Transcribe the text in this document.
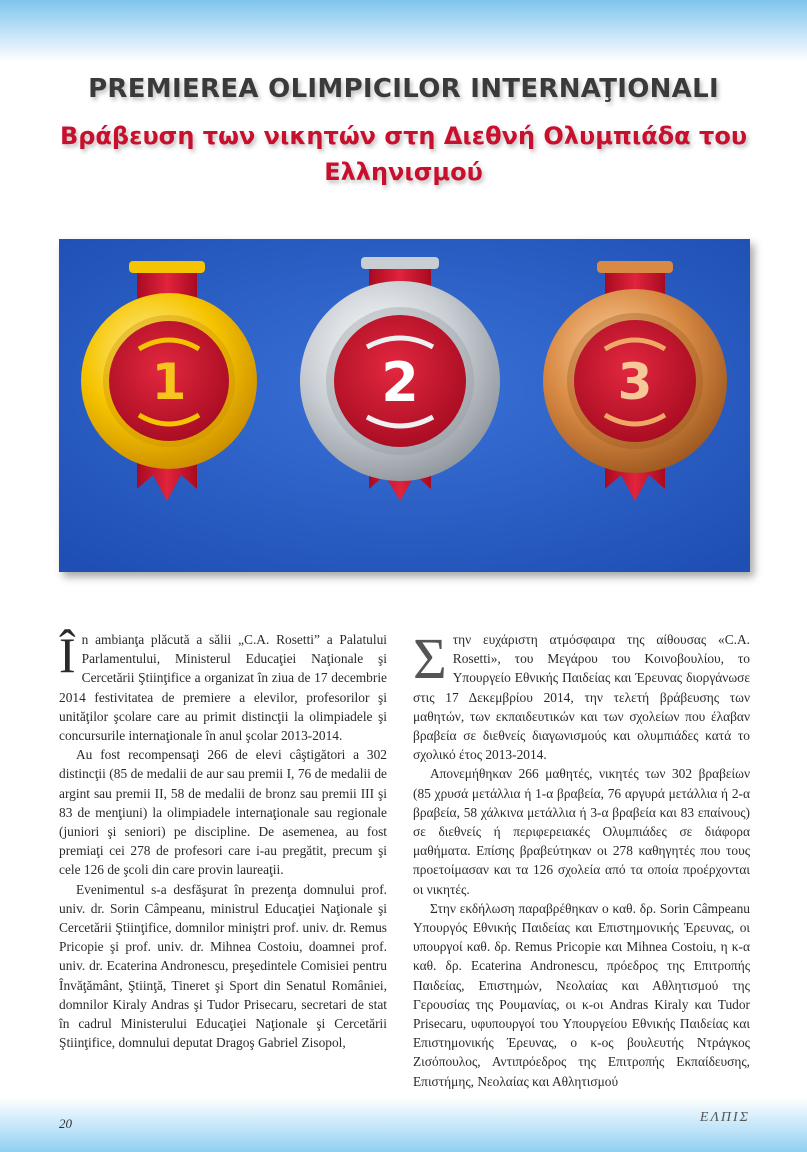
PREMIEREA OLIMPICILOR INTERNAŢIONALI
Βράβευση των νικητών στη Διεθνή Ολυμπιάδα του Ελληνισμού
1	2	3

În ambianţa plăcută a sălii „C.A. Rosetti” a Palatului Parlamentului, Ministerul Educaţiei Naţionale şi Cercetării Ştiinţifice a organizat în ziua de 17 decembrie 2014 festivitatea de premiere a elevilor, profesorilor şi unităţilor şcolare care au primit distincţii la olimpiadele şi concursurile internaţionale în anul şcolar 2013-2014.

Au fost recompensaţi 266 de elevi câştigători a 302 distincţii (85 de medalii de aur sau premii I, 76 de medalii de argint sau premii II, 58 de medalii de bronz sau premii III şi 83 de menţiuni) la olimpiadele internaţionale sau regionale (juniori şi seniori) pe discipline. De asemenea, au fost premiaţi cei 278 de profesori care i-au pregătit, precum şi cele 126 de şcoli din care provin laureaţii.

Evenimentul s-a desfăşurat în prezenţa domnului prof. univ. dr. Sorin Câmpeanu, ministrul Educaţiei Naţionale şi Cercetării Ştiinţifice, domnilor miniştri prof. univ. dr. Remus Pricopie şi prof. univ. dr. Mihnea Costoiu, doamnei prof. univ. dr. Ecaterina Andronescu, preşedintele Comisiei pentru Învăţământ, Ştiinţă, Tineret şi Sport din Senatul României, domnilor Kiraly Andras şi Tudor Prisecaru, secretari de stat în cadrul Ministerului Educaţiei Naţionale şi Cercetării Ştiinţifice, domnului deputat Dragoş Gabriel Zisopol,

Στην ευχάριστη ατμόσφαιρα της αίθουσας «C.A. Rosetti», του Μεγάρου του Κοινοβουλίου, το Υπουργείο Εθνικής Παιδείας και Έρευνας διοργάνωσε στις 17 Δεκεμβρίου 2014, την τελετή βράβευσης των μαθητών, των εκπαιδευτικών και των σχολείων που έλαβαν βραβεία σε διεθνείς διαγωνισμούς και ολυμπιάδες κατά το σχολικό έτος 2013-2014.

Απονεμήθηκαν 266 μαθητές, νικητές των 302 βραβείων (85 χρυσά μετάλλια ή 1-α βραβεία, 76 αργυρά μετάλλια ή 2-α βραβεία, 58 χάλκινα μετάλλια ή 3-α βραβεία και 83 επαίνους) σε διεθνείς ή περιφερειακές Ολυμπιάδες σε διάφορα μαθήματα. Επίσης βραβεύτηκαν οι 278 καθηγητές που τους προετοίμασαν και τα 126 σχολεία από τα οποία προέρχονται οι νικητές.

Στην εκδήλωση παραβρέθηκαν ο καθ. δρ. Sorin Câmpeanu Υπουργός Εθνικής Παιδείας και Επιστημονικής Έρευνας, οι υπουργοί καθ. δρ. Remus Pricopie και Mihnea Costoiu, η κ-α καθ. δρ. Ecaterina Andronescu, πρόεδρος της Επιτροπής Παιδείας, Επιστημών, Νεολαίας και Αθλητισμού της Γερουσίας της Ρουμανίας, οι κ-οι Andras Kiraly και Tudor Prisecaru, υφυπουργοί του Υπουργείου Εθνικής Παιδείας και Επιστημονικής Έρευνας, ο κ-ος βουλευτής Ντράγκος Ζισόπουλος, Αντιπρόεδρος της Επιτροπής Εκπαίδευσης, Επιστήμης, Νεολαίας και Αθλητισμού

20	ΕΛΠΙΣ
